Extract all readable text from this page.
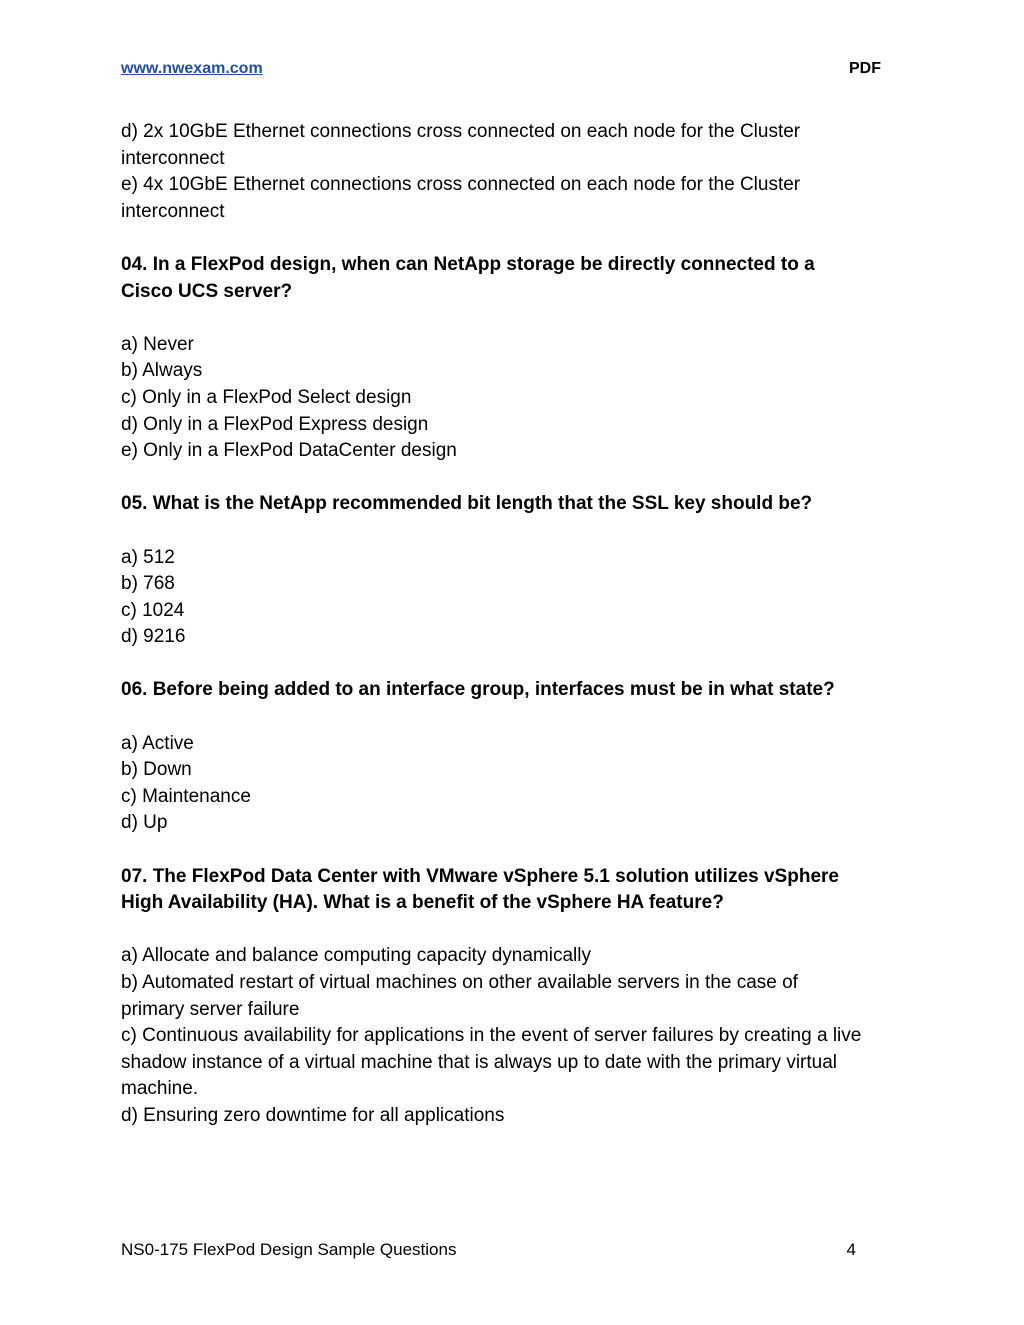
www.nwexam.com	PDF

d) 2x 10GbE Ethernet connections cross connected on each node for the Cluster

interconnect

e) 4x 10GbE Ethernet connections cross connected on each node for the Cluster

interconnect

04. In a FlexPod design, when can NetApp storage be directly connected to a

Cisco UCS server?

a) Never

b) Always

c) Only in a FlexPod Select design

d) Only in a FlexPod Express design

e) Only in a FlexPod DataCenter design

05. What is the NetApp recommended bit length that the SSL key should be?

a) 512

b) 768

c) 1024

d) 9216

06. Before being added to an interface group, interfaces must be in what state?

a) Active

b) Down

c) Maintenance

d) Up

07. The FlexPod Data Center with VMware vSphere 5.1 solution utilizes vSphere

High Availability (HA). What is a benefit of the vSphere HA feature?

a) Allocate and balance computing capacity dynamically

b) Automated restart of virtual machines on other available servers in the case of

primary server failure

c) Continuous availability for applications in the event of server failures by creating a live

shadow instance of a virtual machine that is always up to date with the primary virtual

machine.

d) Ensuring zero downtime for all applications

NS0-175 FlexPod Design Sample Questions	4
